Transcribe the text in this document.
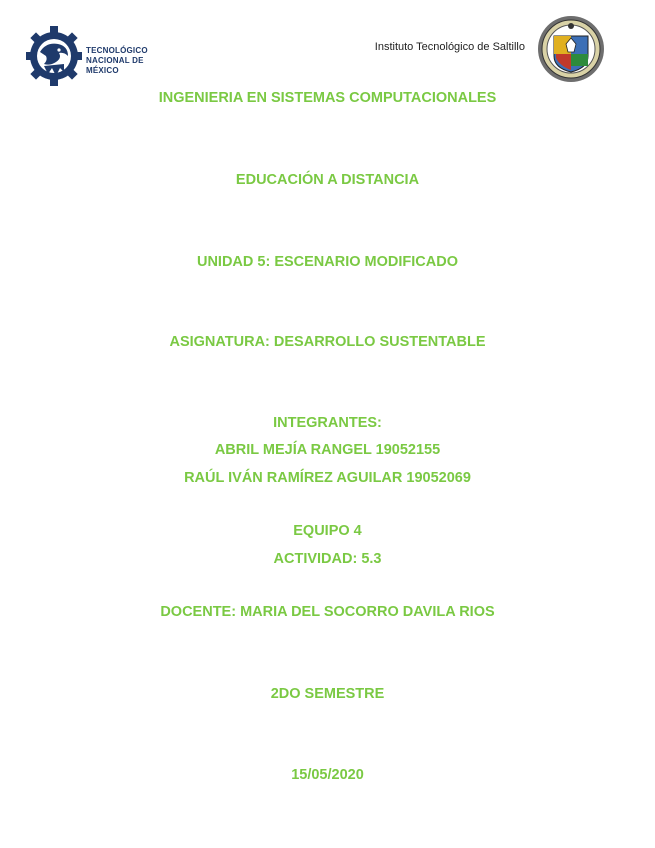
TECNOLÓGICO
NACIONAL DE MÉXICO
Instituto Tecnológico de Saltillo
INGENIERIA EN SISTEMAS COMPUTACIONALES
EDUCACIÓN A DISTANCIA
UNIDAD 5: ESCENARIO MODIFICADO
ASIGNATURA: DESARROLLO SUSTENTABLE
INTEGRANTES:
ABRIL MEJÍA RANGEL 19052155
RAÚL IVÁN RAMÍREZ AGUILAR 19052069
EQUIPO 4
ACTIVIDAD: 5.3
DOCENTE: MARIA DEL SOCORRO DAVILA RIOS
2DO SEMESTRE
15/05/2020
